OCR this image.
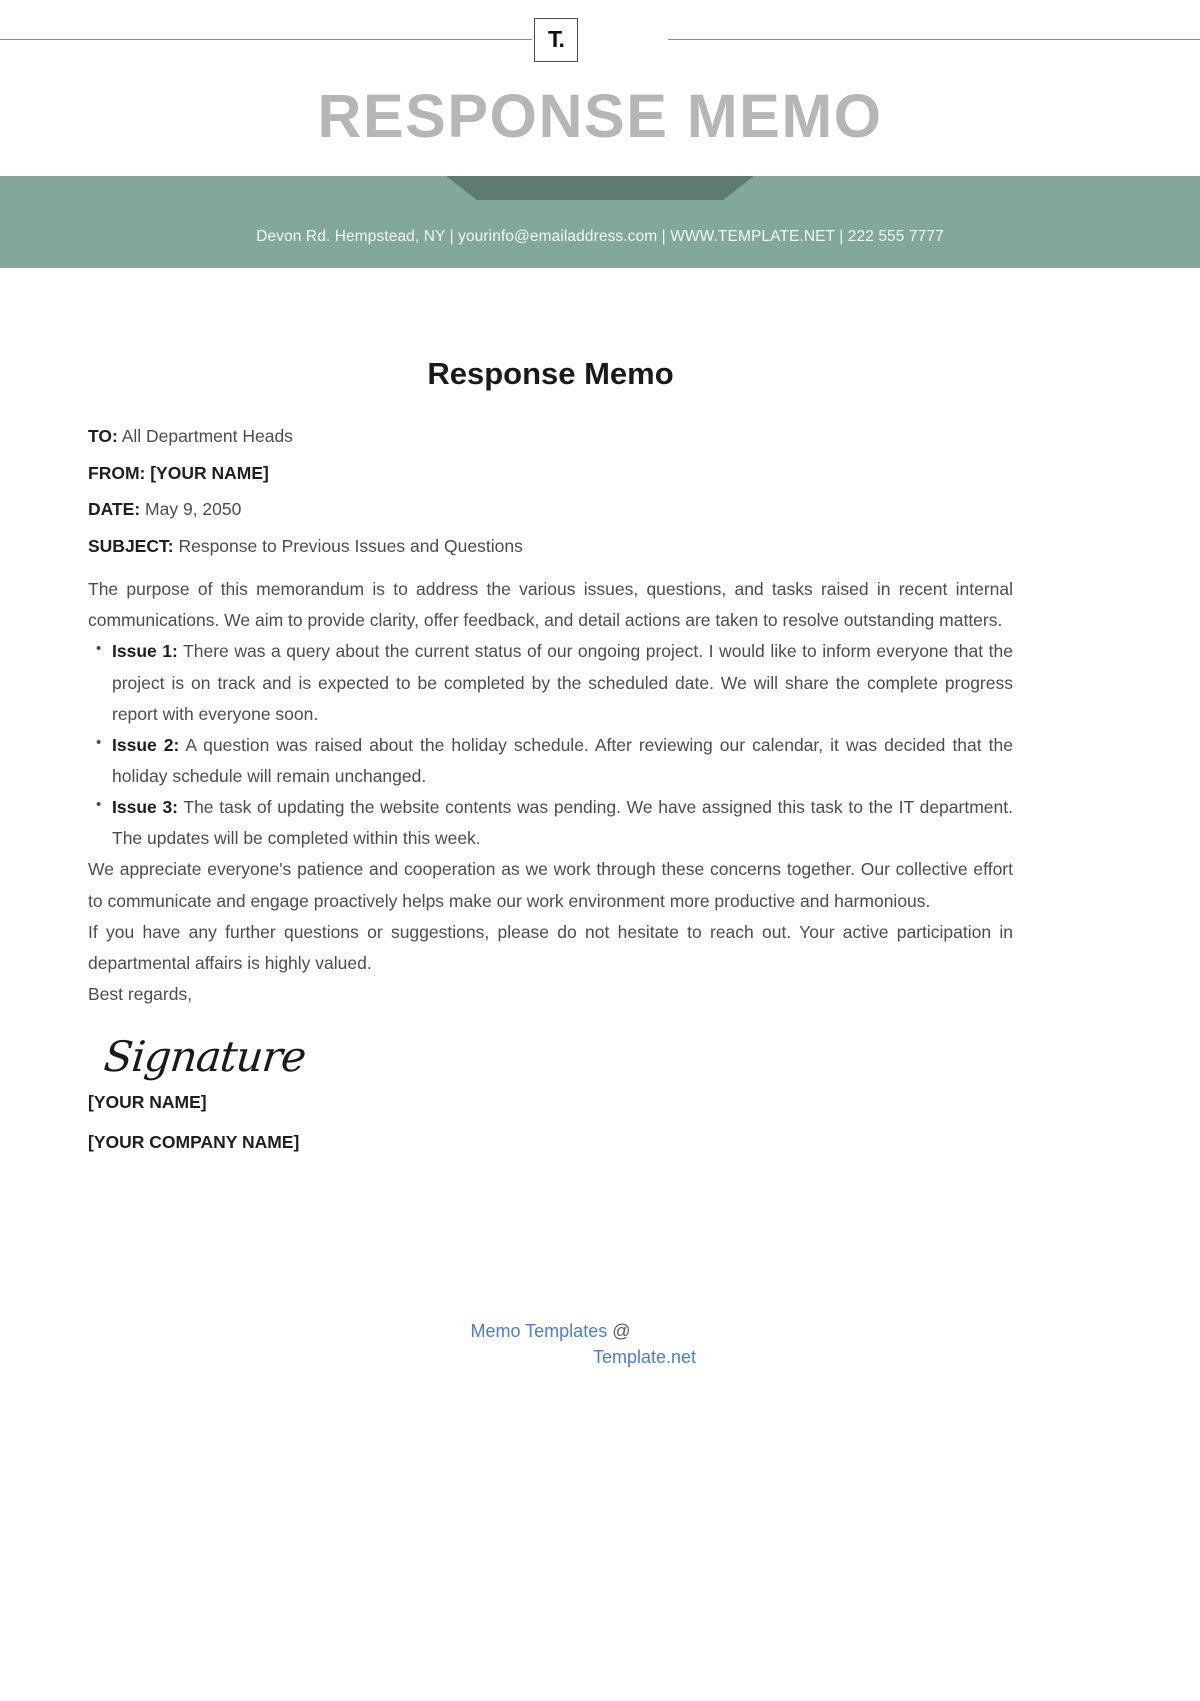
T.
RESPONSE MEMO
Devon Rd. Hempstead, NY | yourinfo@emailaddress.com | WWW.TEMPLATE.NET | 222 555 7777
Response Memo
TO: All Department Heads
FROM: [YOUR NAME]
DATE: May 9, 2050
SUBJECT: Response to Previous Issues and Questions

The purpose of this memorandum is to address the various issues, questions, and tasks raised in recent internal communications. We aim to provide clarity, offer feedback, and detail actions are taken to resolve outstanding matters.

• Issue 1: There was a query about the current status of our ongoing project. I would like to inform everyone that the project is on track and is expected to be completed by the scheduled date. We will share the complete progress report with everyone soon.
• Issue 2: A question was raised about the holiday schedule. After reviewing our calendar, it was decided that the holiday schedule will remain unchanged.
• Issue 3: The task of updating the website contents was pending. We have assigned this task to the IT department. The updates will be completed within this week.

We appreciate everyone's patience and cooperation as we work through these concerns together. Our collective effort to communicate and engage proactively helps make our work environment more productive and harmonious.

If you have any further questions or suggestions, please do not hesitate to reach out. Your active participation in departmental affairs is highly valued.

Best regards,

Signature
[YOUR NAME]
[YOUR COMPANY NAME]
Memo Templates @
Template.net
